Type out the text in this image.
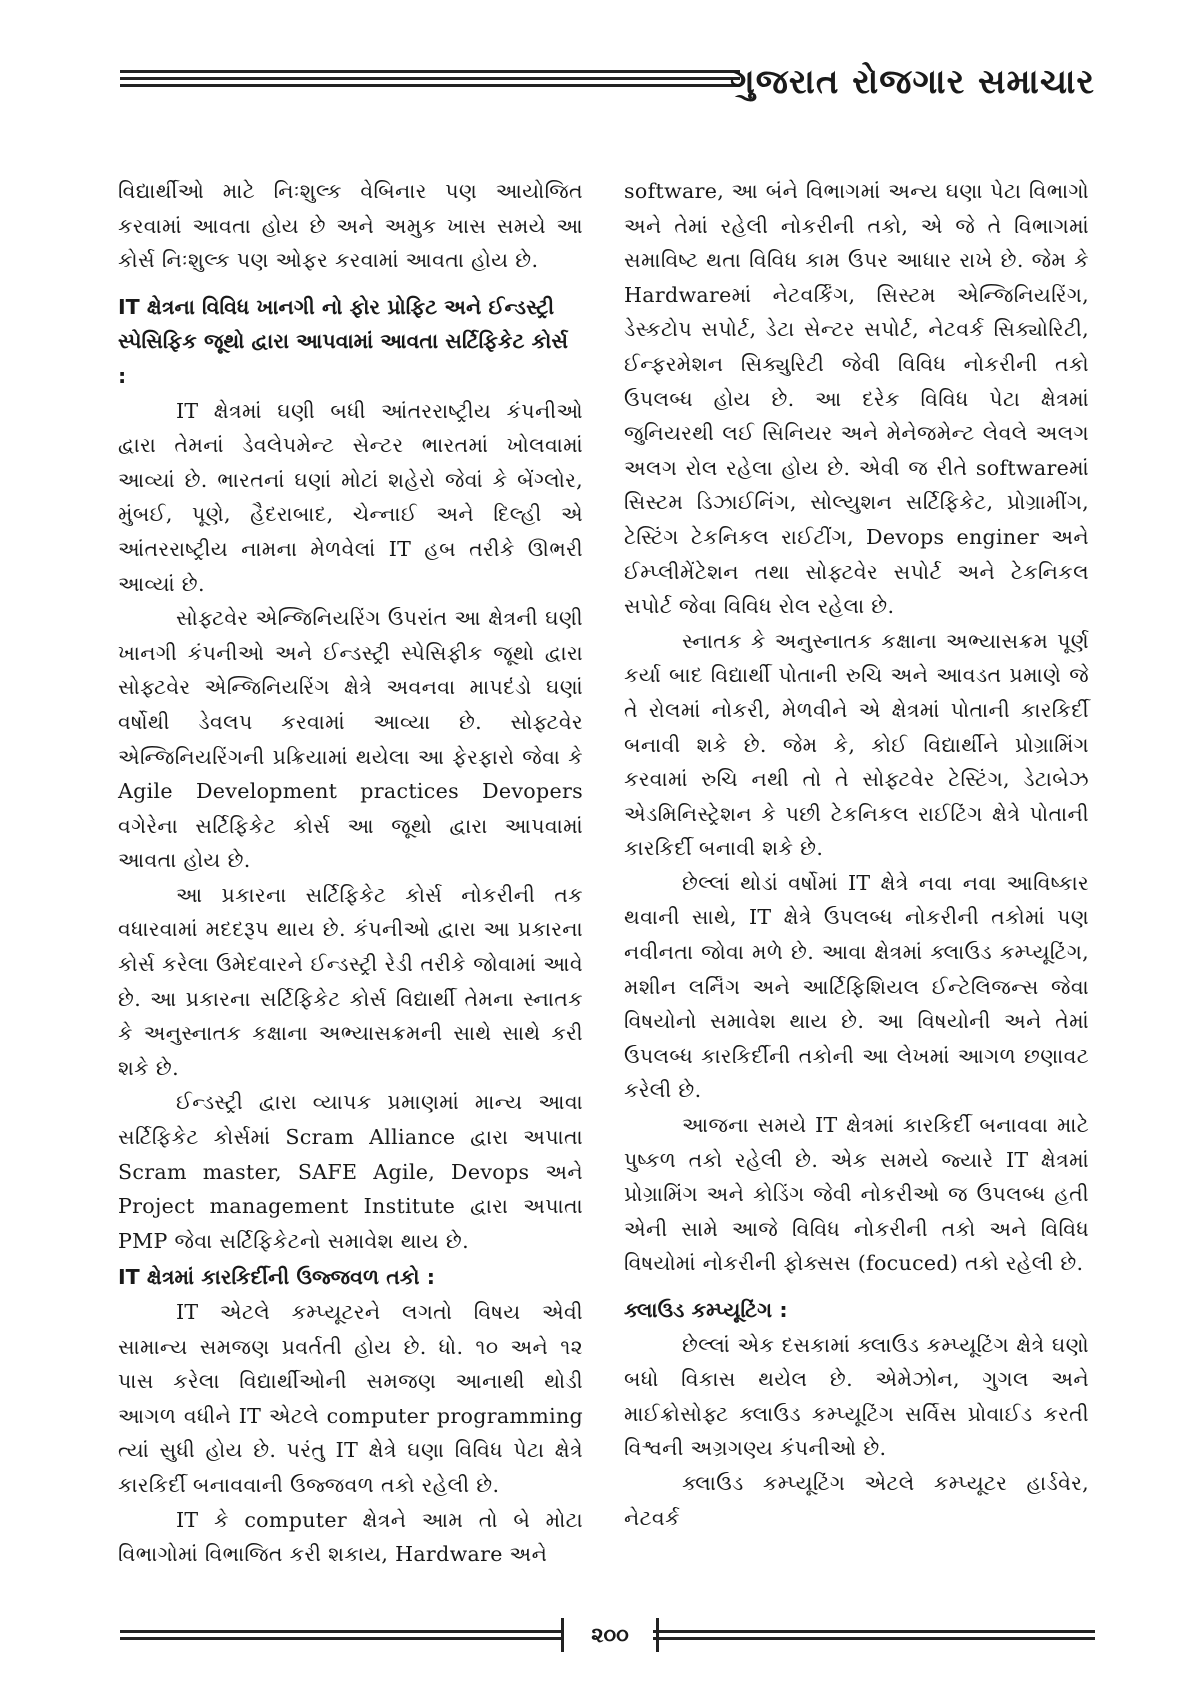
ગુજરાત રોજગાર સમાચાર

વિદ્યાર્થીઓ માટે નિઃશુલ્ક વેબિનાર પણ આયોજિત કરવામાં આવતા હોય છે અને અમુક ખાસ સમયે આ કોર્સ નિઃશુલ્ક પણ ઓફર કરવામાં આવતા હોય છે.

IT ક્ષેત્રના વિવિધ ખાનગી નો ફોર પ્રોફિટ અને ઈન્ડસ્ટ્રી સ્પેસિફિક જૂથો દ્વારા આપવામાં આવતા સર્ટિફિકેટ કોર્સ :

IT ક્ષેત્રમાં ઘણી બધી આંતરરાષ્ટ્રીય કંપનીઓ દ્વારા તેમનાં ડેવલેપમેન્ટ સેન્ટર ભારતમાં ખોલવામાં આવ્યાં છે. ભારતનાં ઘણાં મોટાં શહેરો જેવાં કે બેંગ્લોર, મુંબઈ, પૂણે, હૈદરાબાદ, ચેન્નાઈ અને દિલ્હી એ આંતરરાષ્ટ્રીય નામના મેળવેલાં IT હબ તરીકે ઊભરી આવ્યાં છે.

સોફ્ટવેર એન્જિનિયરિંગ ઉપરાંત આ ક્ષેત્રની ઘણી ખાનગી કંપનીઓ અને ઈન્ડસ્ટ્રી સ્પેસિફીક જૂથો દ્વારા સોફ્ટવેર એન્જિનિયરિંગ ક્ષેત્રે અવનવા માપદંડો ઘણાં વર્ષોથી ડેવલપ કરવામાં આવ્યા છે. સોફ્ટવેર એન્જિનિયરિંગની પ્રક્રિયામાં થયેલા આ ફેરફારો જેવા કે Agile Development practices Devopers વગેરેના સર્ટિફિકેટ કોર્સ આ જૂથો દ્વારા આપવામાં આવતા હોય છે.

આ પ્રકારના સર્ટિફિકેટ કોર્સ નોકરીની તક વધારવામાં મદદરૂપ થાય છે. કંપનીઓ દ્વારા આ પ્રકારના કોર્સ કરેલા ઉમેદવારને ઈન્ડસ્ટ્રી રેડી તરીકે જોવામાં આવે છે. આ પ્રકારના સર્ટિફિકેટ કોર્સ વિદ્યાર્થી તેમના સ્નાતક કે અનુસ્નાતક કક્ષાના અભ્યાસક્રમની સાથે સાથે કરી શકે છે.

ઈન્ડસ્ટ્રી દ્વારા વ્યાપક પ્રમાણમાં માન્ય આવા સર્ટિફિકેટ કોર્સમાં Scram Alliance દ્વારા અપાતા Scram master, SAFE Agile, Devops અને Project management Institute દ્વારા અપાતા PMP જેવા સર્ટિફિકેટનો સમાવેશ થાય છે.

IT ક્ષેત્રમાં કારકિર્દીની ઉજ્જવળ તકો :

IT એટલે કમ્પ્યૂટરને લગતો વિષય એવી સામાન્ય સમજણ પ્રવર્તતી હોય છે. ધો. ૧૦ અને ૧૨ પાસ કરેલા વિદ્યાર્થીઓની સમજણ આનાથી થોડી આગળ વધીને IT એટલે computer programming ત્યાં સુધી હોય છે. પરંતુ IT ક્ષેત્રે ઘણા વિવિધ પેટા ક્ષેત્રે કારકિર્દી બનાવવાની ઉજ્જવળ તકો રહેલી છે.

IT કે computer ક્ષેત્રને આમ તો બે મોટા વિભાગોમાં વિભાજિત કરી શકાય, Hardware અને

software, આ બંને વિભાગમાં અન્ય ઘણા પેટા વિભાગો અને તેમાં રહેલી નોકરીની તકો, એ જે તે વિભાગમાં સમાવિષ્ટ થતા વિવિધ કામ ઉપર આધાર રાખે છે. જેમ કે Hardwareમાં નેટવર્કિંગ, સિસ્ટમ એન્જિનિયરિંગ, ડેસ્કટોપ સપોર્ટ, ડેટા સેન્ટર સપોર્ટ, નેટવર્ક સિક્યોરિટી, ઈન્ફરમેશન સિક્યુરિટી જેવી વિવિધ નોકરીની તકો ઉપલબ્ધ હોય છે. આ દરેક વિવિધ પેટા ક્ષેત્રમાં જુનિયરથી લઈ સિનિયર અને મેનેજમેન્ટ લેવલે અલગ અલગ રોલ રહેલા હોય છે. એવી જ રીતે softwareમાં સિસ્ટમ ડિઝાઈનિંગ, સોલ્યુશન સર્ટિફિકેટ, પ્રોગ્રામીંગ, ટેસ્ટિંગ ટેકનિકલ રાઈટીંગ, Devops enginer અને ઈમ્પ્લીમેંટેશન તથા સોફ્ટવેર સપોર્ટ અને ટેકનિકલ સપોર્ટ જેવા વિવિધ રોલ રહેલા છે.

સ્નાતક કે અનુસ્નાતક કક્ષાના અભ્યાસક્રમ પૂર્ણ કર્યા બાદ વિદ્યાર્થી પોતાની રુચિ અને આવડત પ્રમાણે જે તે રોલમાં નોકરી, મેળવીને એ ક્ષેત્રમાં પોતાની કારકિર્દી બનાવી શકે છે. જેમ કે, કોઈ વિદ્યાર્થીને પ્રોગ્રામિંગ કરવામાં રુચિ નથી તો તે સોફ્ટવેર ટેસ્ટિંગ, ડેટાબેઝ એડમિનિસ્ટ્રેશન કે પછી ટેકનિકલ રાઈટિંગ ક્ષેત્રે પોતાની કારકિર્દી બનાવી શકે છે.

છેલ્લાં થોડાં વર્ષોમાં IT ક્ષેત્રે નવા નવા આવિષ્કાર થવાની સાથે, IT ક્ષેત્રે ઉપલબ્ધ નોકરીની તકોમાં પણ નવીનતા જોવા મળે છે. આવા ક્ષેત્રમાં ક્લાઉડ કમ્પ્યૂટિંગ, મશીન લર્નિંગ અને આર્ટિફિશિયલ ઈન્ટેલિજન્સ જેવા વિષયોનો સમાવેશ થાય છે. આ વિષયોની અને તેમાં ઉપલબ્ધ કારકિર્દીની તકોની આ લેખમાં આગળ છણાવટ કરેલી છે.

આજના સમયે IT ક્ષેત્રમાં કારકિર્દી બનાવવા માટે પુષ્કળ તકો રહેલી છે. એક સમયે જ્યારે IT ક્ષેત્રમાં પ્રોગ્રામિંગ અને કોડિંગ જેવી નોકરીઓ જ ઉપલબ્ધ હતી એની સામે આજે વિવિધ નોકરીની તકો અને વિવિધ વિષયોમાં નોકરીની ફોક્સસ (focuced) તકો રહેલી છે.

ક્લાઉડ કમ્પ્યૂટિંગ :

છેલ્લાં એક દસકામાં ક્લાઉડ કમ્પ્યૂટિંગ ક્ષેત્રે ઘણો બધો વિકાસ થયેલ છે. એમેઝોન, ગુગલ અને માઈક્રોસોફ્ટ ક્લાઉડ કમ્પ્યૂટિંગ સર્વિસ પ્રોવાઈડ કરતી વિશ્વની અગ્રગણ્ય કંપનીઓ છે.

ક્લાઉડ કમ્પ્યૂટિંગ એટલે કમ્પ્યૂટર હાર્ડવેર, નેટવર્ક

૨૦૦
